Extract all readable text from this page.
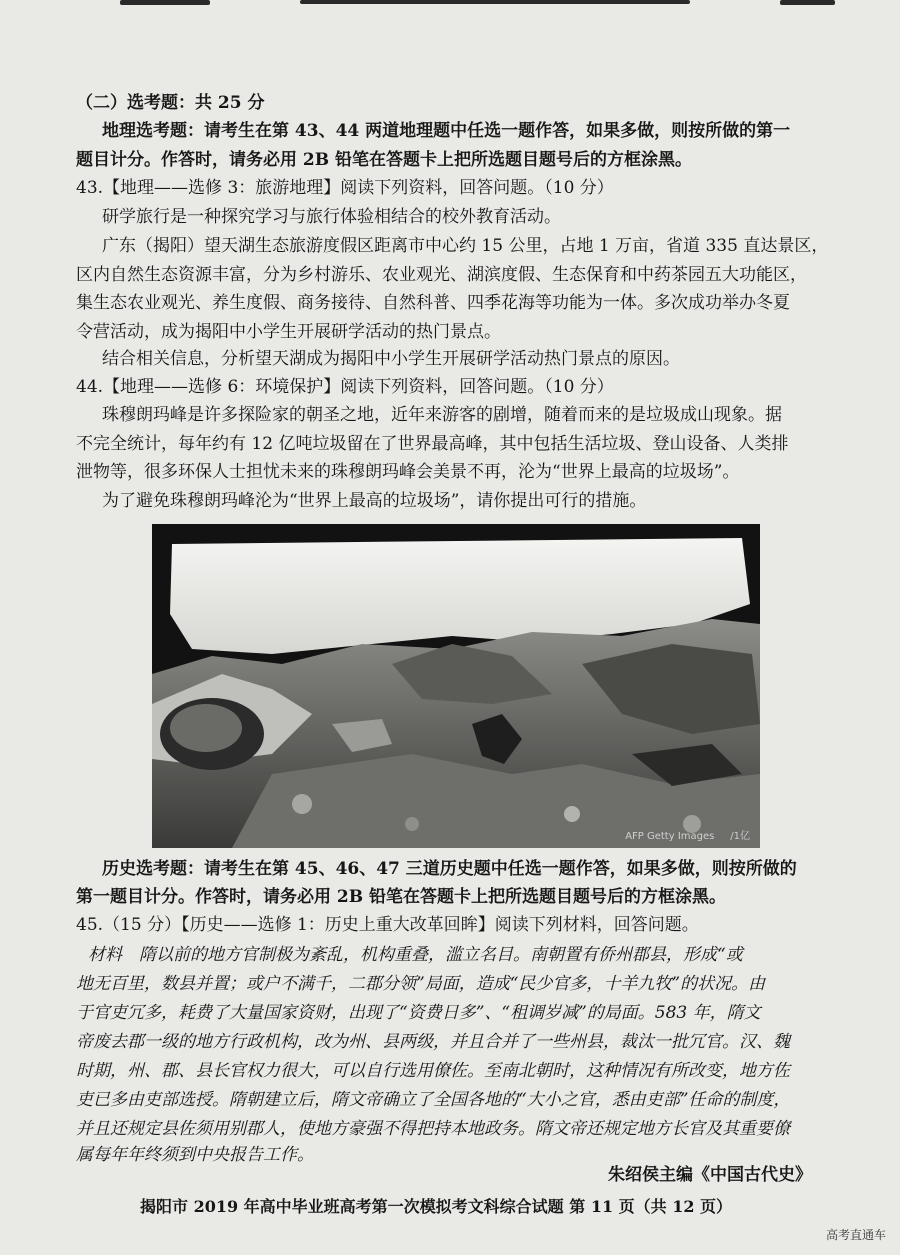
（二）选考题：共 25 分
地理选考题：请考生在第 43、44 两道地理题中任选一题作答，如果多做，则按所做的第一
题目计分。作答时，请务必用 2B 铅笔在答题卡上把所选题目题号后的方框涂黑。
43.【地理——选修 3：旅游地理】阅读下列资料，回答问题。（10 分）
研学旅行是一种探究学习与旅行体验相结合的校外教育活动。
广东（揭阳）望天湖生态旅游度假区距离市中心约 15 公里，占地 1 万亩，省道 335 直达景区，
区内自然生态资源丰富，分为乡村游乐、农业观光、湖滨度假、生态保育和中药茶园五大功能区，
集生态农业观光、养生度假、商务接待、自然科普、四季花海等功能为一体。多次成功举办冬夏
令营活动，成为揭阳中小学生开展研学活动的热门景点。
结合相关信息，分析望天湖成为揭阳中小学生开展研学活动热门景点的原因。
44.【地理——选修 6：环境保护】阅读下列资料，回答问题。（10 分）
珠穆朗玛峰是许多探险家的朝圣之地，近年来游客的剧增，随着而来的是垃圾成山现象。据
不完全统计，每年约有 12 亿吨垃圾留在了世界最高峰，其中包括生活垃圾、登山设备、人类排
泄物等，很多环保人士担忧未来的珠穆朗玛峰会美景不再，沦为“世界上最高的垃圾场”。
为了避免珠穆朗玛峰沦为“世界上最高的垃圾场”，请你提出可行的措施。
AFP Getty Images /1亿
历史选考题：请考生在第 45、46、47 三道历史题中任选一题作答，如果多做，则按所做的
第一题目计分。作答时，请务必用 2B 铅笔在答题卡上把所选题目题号后的方框涂黑。
45.（15 分）【历史——选修 1：历史上重大改革回眸】阅读下列材料，回答问题。
材料　隋以前的地方官制极为紊乱，机构重叠，滥立名目。南朝置有侨州郡县，形成“或
地无百里，数县并置；或户不满千，二郡分领”局面，造成“民少官多，十羊九牧”的状况。由
于官吏冗多，耗费了大量国家资财，出现了“资费日多”、“租调岁减”的局面。583 年，隋文
帝废去郡一级的地方行政机构，改为州、县两级，并且合并了一些州县，裁汰一批冗官。汉、魏
时期，州、郡、县长官权力很大，可以自行选用僚佐。至南北朝时，这种情况有所改变，地方佐
吏已多由吏部选授。隋朝建立后，隋文帝确立了全国各地的“大小之官，悉由吏部”任命的制度，
并且还规定县佐须用别郡人，使地方豪强不得把持本地政务。隋文帝还规定地方长官及其重要僚
属每年年终须到中央报告工作。
朱绍侯主编《中国古代史》
揭阳市 2019 年高中毕业班高考第一次模拟考文科综合试题 第 11 页（共 12 页）
高考直通车
